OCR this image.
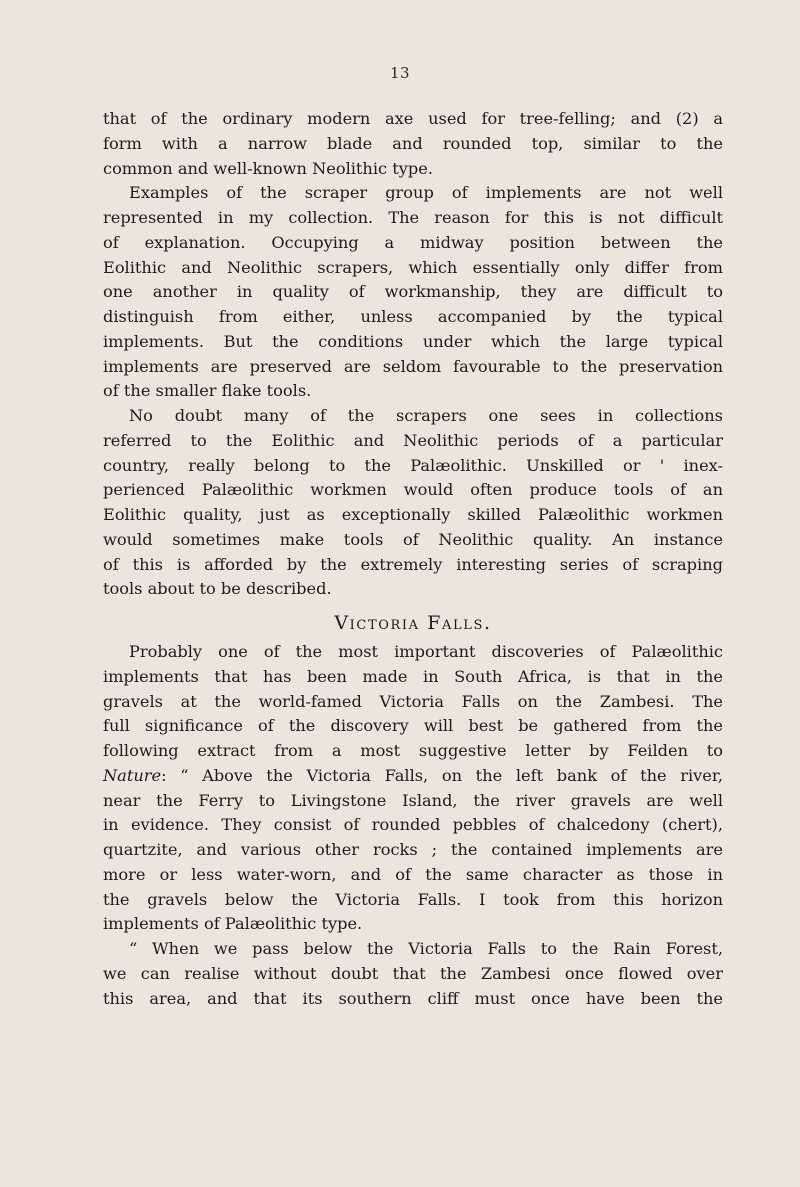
13
that of the ordinary modern axe used for tree-felling; and (2) a
form with a narrow blade and rounded top, similar to the
common and well-known Neolithic type.
Examples of the scraper group of implements are not well
represented in my collection. The reason for this is not difficult
of explanation. Occupying a midway position between the
Eolithic and Neolithic scrapers, which essentially only differ from
one another in quality of workmanship, they are difficult to
distinguish from either, unless accompanied by the typical
implements. But the conditions under which the large typical
implements are preserved are seldom favourable to the preservation
of the smaller flake tools.
No doubt many of the scrapers one sees in collections
referred to the Eolithic and Neolithic periods of a particular
country, really belong to the Palæolithic. Unskilled or ' inex-
perienced Palæolithic workmen would often produce tools of an
Eolithic quality, just as exceptionally skilled Palæolithic workmen
would sometimes make tools of Neolithic quality. An instance
of this is afforded by the extremely interesting series of scraping
tools about to be described.
Victoria Falls.
Probably one of the most important discoveries of Palæolithic
implements that has been made in South Africa, is that in the
gravels at the world-famed Victoria Falls on the Zambesi. The
full significance of the discovery will best be gathered from the
following extract from a most suggestive letter by Feilden to
Nature: “ Above the Victoria Falls, on the left bank of the river,
near the Ferry to Livingstone Island, the river gravels are well
in evidence. They consist of rounded pebbles of chalcedony (chert),
quartzite, and various other rocks ; the contained implements are
more or less water-worn, and of the same character as those in
the gravels below the Victoria Falls. I took from this horizon
implements of Palæolithic type.
“ When we pass below the Victoria Falls to the Rain Forest,
we can realise without doubt that the Zambesi once flowed over
this area, and that its southern cliff must once have been the
